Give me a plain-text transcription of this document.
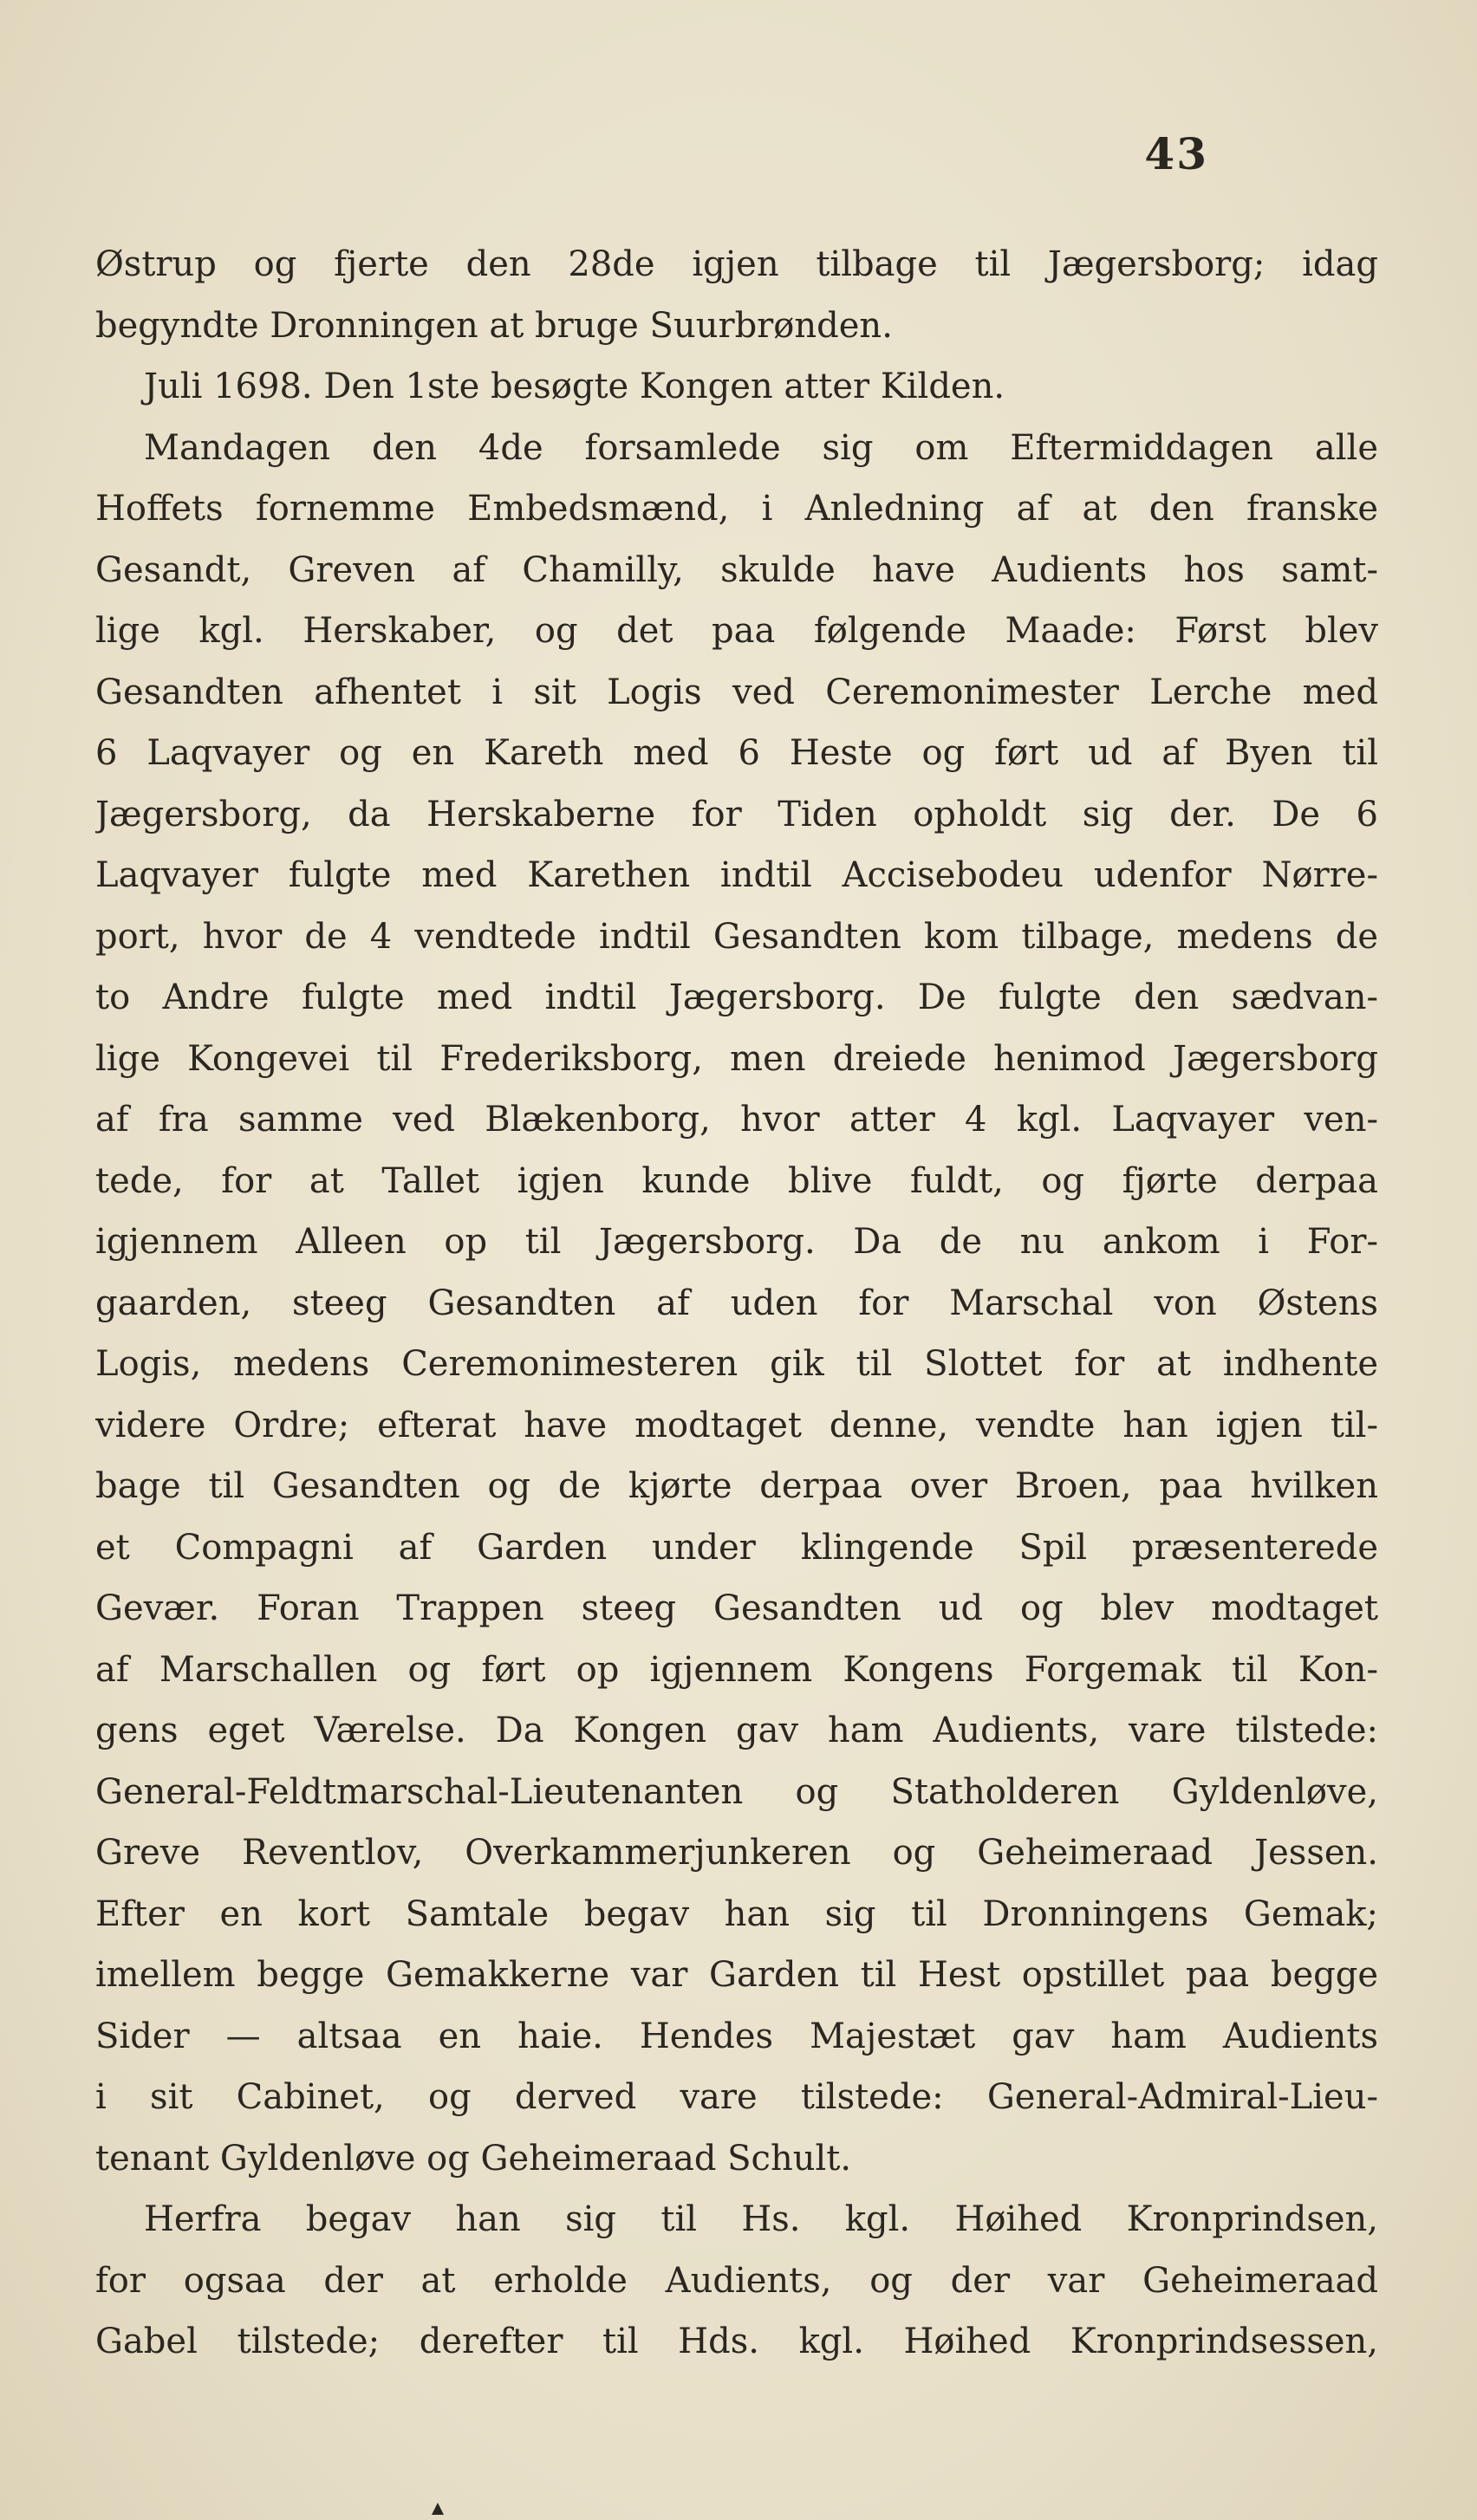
43
Østrup og fjerte den 28de igjen tilbage til Jægersborg; idag
begyndte Dronningen at bruge Suurbrønden.
Juli 1698. Den 1ste besøgte Kongen atter Kilden.
Mandagen den 4de forsamlede sig om Eftermiddagen alle
Hoffets fornemme Embedsmænd, i Anledning af at den franske
Gesandt, Greven af Chamilly, skulde have Audients hos samt-
lige kgl. Herskaber, og det paa følgende Maade: Først blev
Gesandten afhentet i sit Logis ved Ceremonimester Lerche med
6 Laqvayer og en Kareth med 6 Heste og ført ud af Byen til
Jægersborg, da Herskaberne for Tiden opholdt sig der. De 6
Laqvayer fulgte med Karethen indtil Accisebodeu udenfor Nørre-
port, hvor de 4 vendtede indtil Gesandten kom tilbage, medens de
to Andre fulgte med indtil Jægersborg. De fulgte den sædvan-
lige Kongevei til Frederiksborg, men dreiede henimod Jægersborg
af fra samme ved Blækenborg, hvor atter 4 kgl. Laqvayer ven-
tede, for at Tallet igjen kunde blive fuldt, og fjørte derpaa
igjennem Alleen op til Jægersborg. Da de nu ankom i For-
gaarden, steeg Gesandten af uden for Marschal von Østens
Logis, medens Ceremonimesteren gik til Slottet for at indhente
videre Ordre; efterat have modtaget denne, vendte han igjen til-
bage til Gesandten og de kjørte derpaa over Broen, paa hvilken
et Compagni af Garden under klingende Spil præsenterede
Gevær. Foran Trappen steeg Gesandten ud og blev modtaget
af Marschallen og ført op igjennem Kongens Forgemak til Kon-
gens eget Værelse. Da Kongen gav ham Audients, vare tilstede:
General-Feldtmarschal-Lieutenanten og Statholderen Gyldenløve,
Greve Reventlov, Overkammerjunkeren og Geheimeraad Jessen.
Efter en kort Samtale begav han sig til Dronningens Gemak;
imellem begge Gemakkerne var Garden til Hest opstillet paa begge
Sider — altsaa en haie. Hendes Majestæt gav ham Audients
i sit Cabinet, og derved vare tilstede: General-Admiral-Lieu-
tenant Gyldenløve og Geheimeraad Schult.
Herfra begav han sig til Hs. kgl. Høihed Kronprindsen,
for ogsaa der at erholde Audients, og der var Geheimeraad
Gabel tilstede; derefter til Hds. kgl. Høihed Kronprindsessen,
